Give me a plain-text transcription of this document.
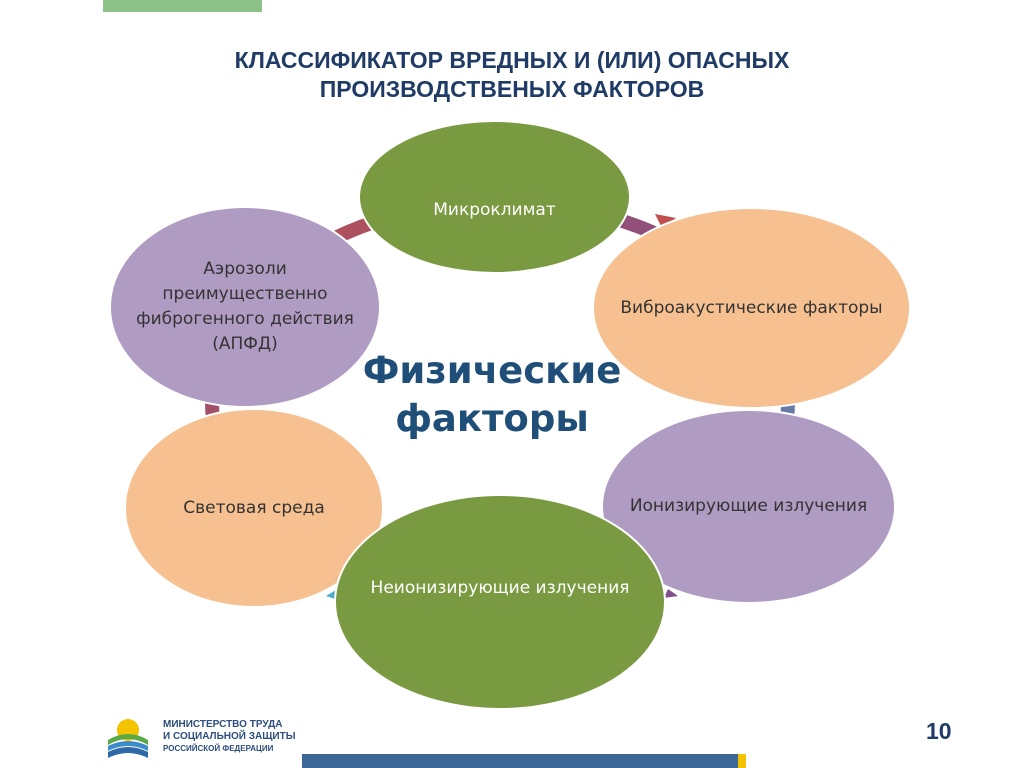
КЛАССИФИКАТОР ВРЕДНЫХ И (ИЛИ) ОПАСНЫХ
ПРОИЗВОДСТВЕНЫХ ФАКТОРОВ
Аэрозоли преимущественно фиброгенного действия (АПФД)
Световая среда	Ионизирующие излучения
Виброакустические факторы
Микроклимат
Неионизирующие излучения
Физические
факторы
МИНИСТЕРСТВО ТРУДА
И СОЦИАЛЬНОЙ ЗАЩИТЫ
РОССИЙСКОЙ ФЕДЕРАЦИИ
10
